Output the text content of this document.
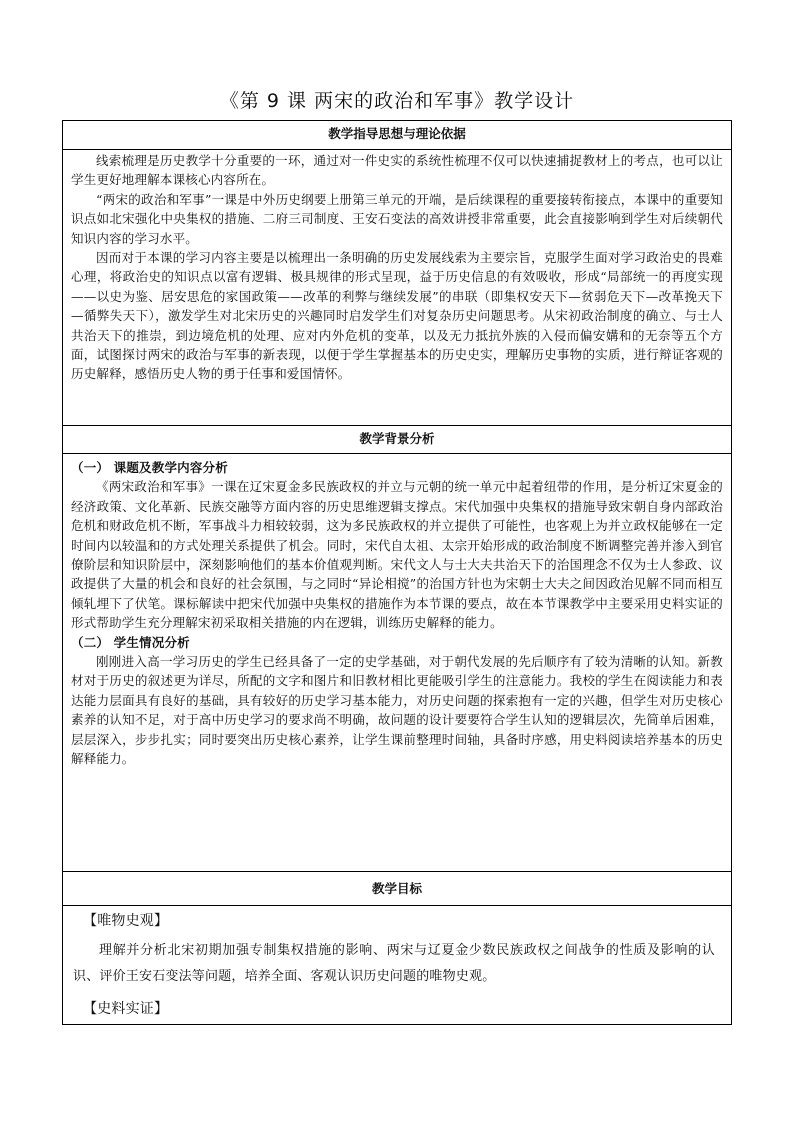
《第 9 课 两宋的政治和军事》教学设计
教学指导思想与理论依据

线索梳理是历史教学十分重要的一环，通过对一件史实的系统性梳理不仅可以快速捕捉教材上的考点，也可以让学生更好地理解本课核心内容所在。

“两宋的政治和军事”一课是中外历史纲要上册第三单元的开端，是后续课程的重要接转衔接点，本课中的重要知识点如北宋强化中央集权的措施、二府三司制度、王安石变法的高效讲授非常重要，此会直接影响到学生对后续朝代知识内容的学习水平。

因而对于本课的学习内容主要是以梳理出一条明确的历史发展线索为主要宗旨，克服学生面对学习政治史的畏难心理，将政治史的知识点以富有逻辑、极具规律的形式呈现，益于历史信息的有效吸收，形成“局部统一的再度实现——以史为鉴、居安思危的家国政策——改革的利弊与继续发展”的串联（即集权安天下—贫弱危天下—改革挽天下—循弊失天下），激发学生对北宋历史的兴趣同时启发学生们对复杂历史问题思考。从宋初政治制度的确立、与士人共治天下的推崇，到边境危机的处理、应对内外危机的变革，以及无力抵抗外族的入侵而偏安媾和的无奈等五个方面，试图探讨两宋的政治与军事的新表现，以便于学生掌握基本的历史史实，理解历史事物的实质，进行辩证客观的历史解释，感悟历史人物的勇于任事和爱国情怀。

教学背景分析

（一） 课题及教学内容分析

《两宋政治和军事》一课在辽宋夏金多民族政权的并立与元朝的统一单元中起着纽带的作用，是分析辽宋夏金的经济政策、文化革新、民族交融等方面内容的历史思维逻辑支撑点。宋代加强中央集权的措施导致宋朝自身内部政治危机和财政危机不断，军事战斗力相较较弱，这为多民族政权的并立提供了可能性，也客观上为并立政权能够在一定时间内以较温和的方式处理关系提供了机会。同时，宋代自太祖、太宗开始形成的政治制度不断调整完善并渗入到官僚阶层和知识阶层中，深刻影响他们的基本价值观判断。宋代文人与士大夫共治天下的治国理念不仅为士人参政、议政提供了大量的机会和良好的社会氛围，与之同时“异论相搅”的治国方针也为宋朝士大夫之间因政治见解不同而相互倾轧埋下了伏笔。课标解读中把宋代加强中央集权的措施作为本节课的要点，故在本节课教学中主要采用史料实证的形式帮助学生充分理解宋初采取相关措施的内在逻辑，训练历史解释的能力。

（二） 学生情况分析

刚刚进入高一学习历史的学生已经具备了一定的史学基础，对于朝代发展的先后顺序有了较为清晰的认知。新教材对于历史的叙述更为详尽，所配的文字和图片和旧教材相比更能吸引学生的注意能力。我校的学生在阅读能力和表达能力层面具有良好的基础，具有较好的历史学习基本能力，对历史问题的探索抱有一定的兴趣，但学生对历史核心素养的认知不足，对于高中历史学习的要求尚不明确，故问题的设计要要符合学生认知的逻辑层次，先简单后困难，层层深入，步步扎实；同时要突出历史核心素养，让学生课前整理时间轴，具备时序感，用史料阅读培养基本的历史解释能力。

教学目标

【唯物史观】

理解并分析北宋初期加强专制集权措施的影响、两宋与辽夏金少数民族政权之间战争的性质及影响的认识、评价王安石变法等问题，培养全面、客观认识历史问题的唯物史观。

【史料实证】
